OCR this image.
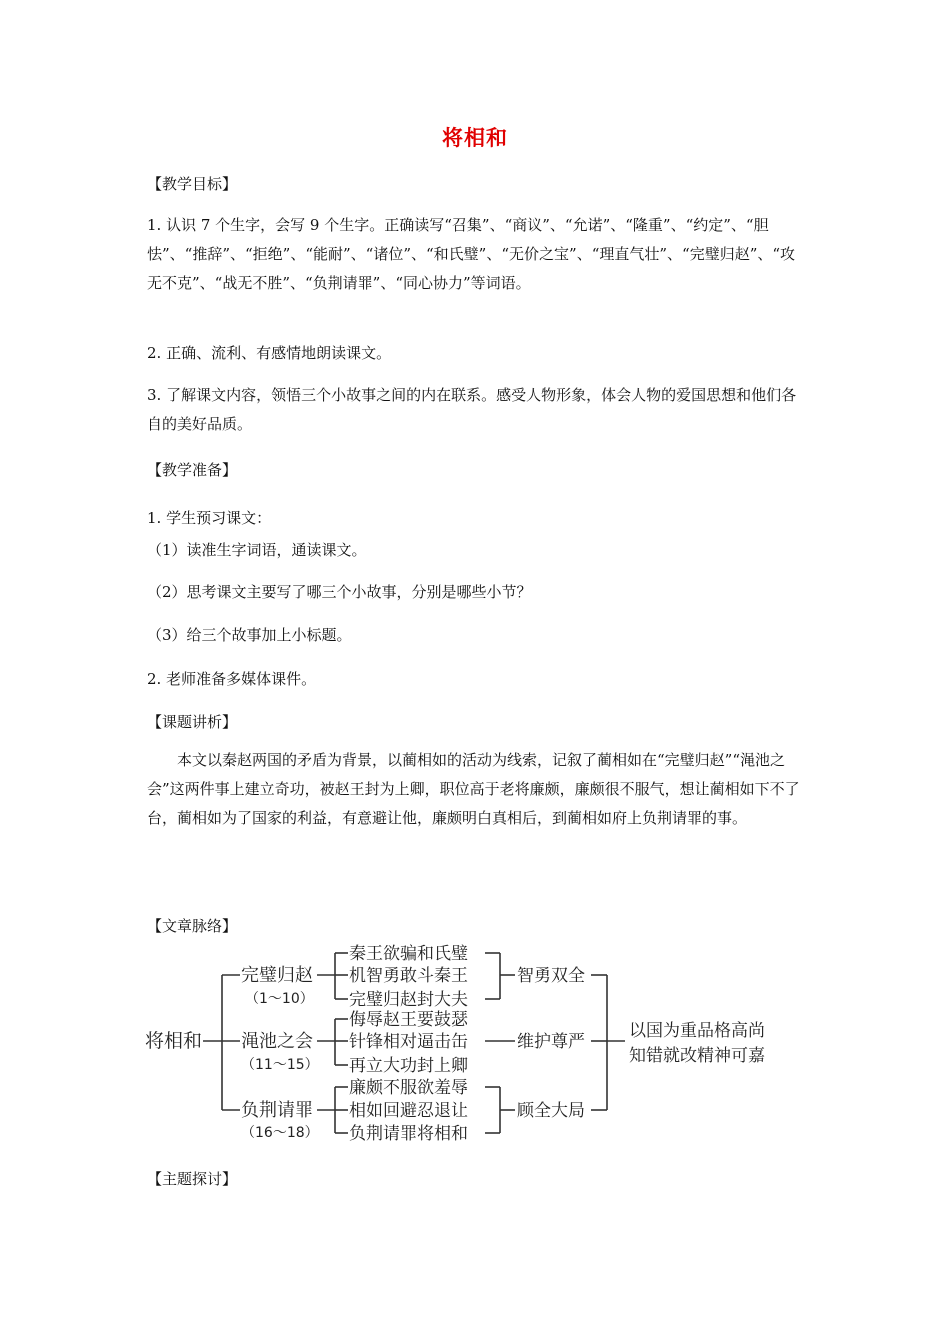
将相和
【教学目标】
1. 认识 7 个生字，会写 9 个生字。正确读写“召集”、“商议”、“允诺”、“隆重”、“约定”、“胆怯”、“推辞”、“拒绝”、“能耐”、“诸位”、“和氏璧”、“无价之宝”、“理直气壮”、“完璧归赵”、“攻无不克”、“战无不胜”、“负荆请罪”、“同心协力”等词语。
2. 正确、流利、有感情地朗读课文。
3. 了解课文内容，领悟三个小故事之间的内在联系。感受人物形象，体会人物的爱国思想和他们各自的美好品质。
【教学准备】
1. 学生预习课文：
（1）读准生字词语，通读课文。
（2）思考课文主要写了哪三个小故事，分别是哪些小节？
（3）给三个故事加上小标题。
2. 老师准备多媒体课件。
【课题讲析】
本文以秦赵两国的矛盾为背景，以蔺相如的活动为线索，记叙了蔺相如在“完璧归赵”“渑池之会”这两件事上建立奇功，被赵王封为上卿，职位高于老将廉颇，廉颇很不服气，想让蔺相如下不了台，蔺相如为了国家的利益，有意避让他，廉颇明白真相后，到蔺相如府上负荆请罪的事。
【文章脉络】
将相和
完璧归赵
（1～10）
秦王欲骗和氏璧
机智勇敢斗秦王
完璧归赵封大夫
智勇双全
渑池之会
（11～15）
侮辱赵王要鼓瑟
针锋相对逼击缶
再立大功封上卿
维护尊严
负荆请罪
（16～18）
廉颇不服欲羞辱
相如回避忍退让
负荆请罪将相和
顾全大局
以国为重品格高尚
知错就改精神可嘉
【主题探讨】
